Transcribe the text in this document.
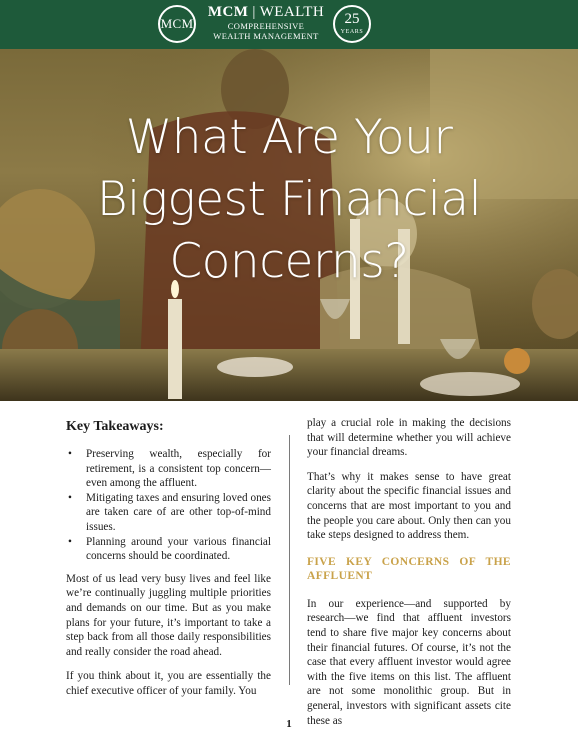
MCM
MCM | WEALTH
COMPREHENSIVE
WEALTH MANAGEMENT
25
YEARS
What Are Your
Biggest Financial
Concerns?
Key Takeaways:
• Preserving wealth, especially for retirement, is a consistent top concern—even among the affluent.
• Mitigating taxes and ensuring loved ones are taken care of are other top-of-mind issues.
• Planning around your various financial concerns should be coordinated.

Most of us lead very busy lives and feel like we’re continually juggling multiple priorities and demands on our time. But as you make plans for your future, it’s important to take a step back from all those daily responsibilities and really consider the road ahead.

If you think about it, you are essentially the chief executive officer of your family. You

play a crucial role in making the decisions that will determine whether you will achieve your financial dreams.

That’s why it makes sense to have great clarity about the specific financial issues and concerns that are most important to you and the people you care about. Only then can you take steps designed to address them.

FIVE KEY CONCERNS OF THE AFFLUENT

In our experience—and supported by research—we find that affluent investors tend to share five major key concerns about their financial futures. Of course, it’s not the case that every affluent investor would agree with the five items on this list. The affluent are not some monolithic group. But in general, investors with significant assets cite these as

1
